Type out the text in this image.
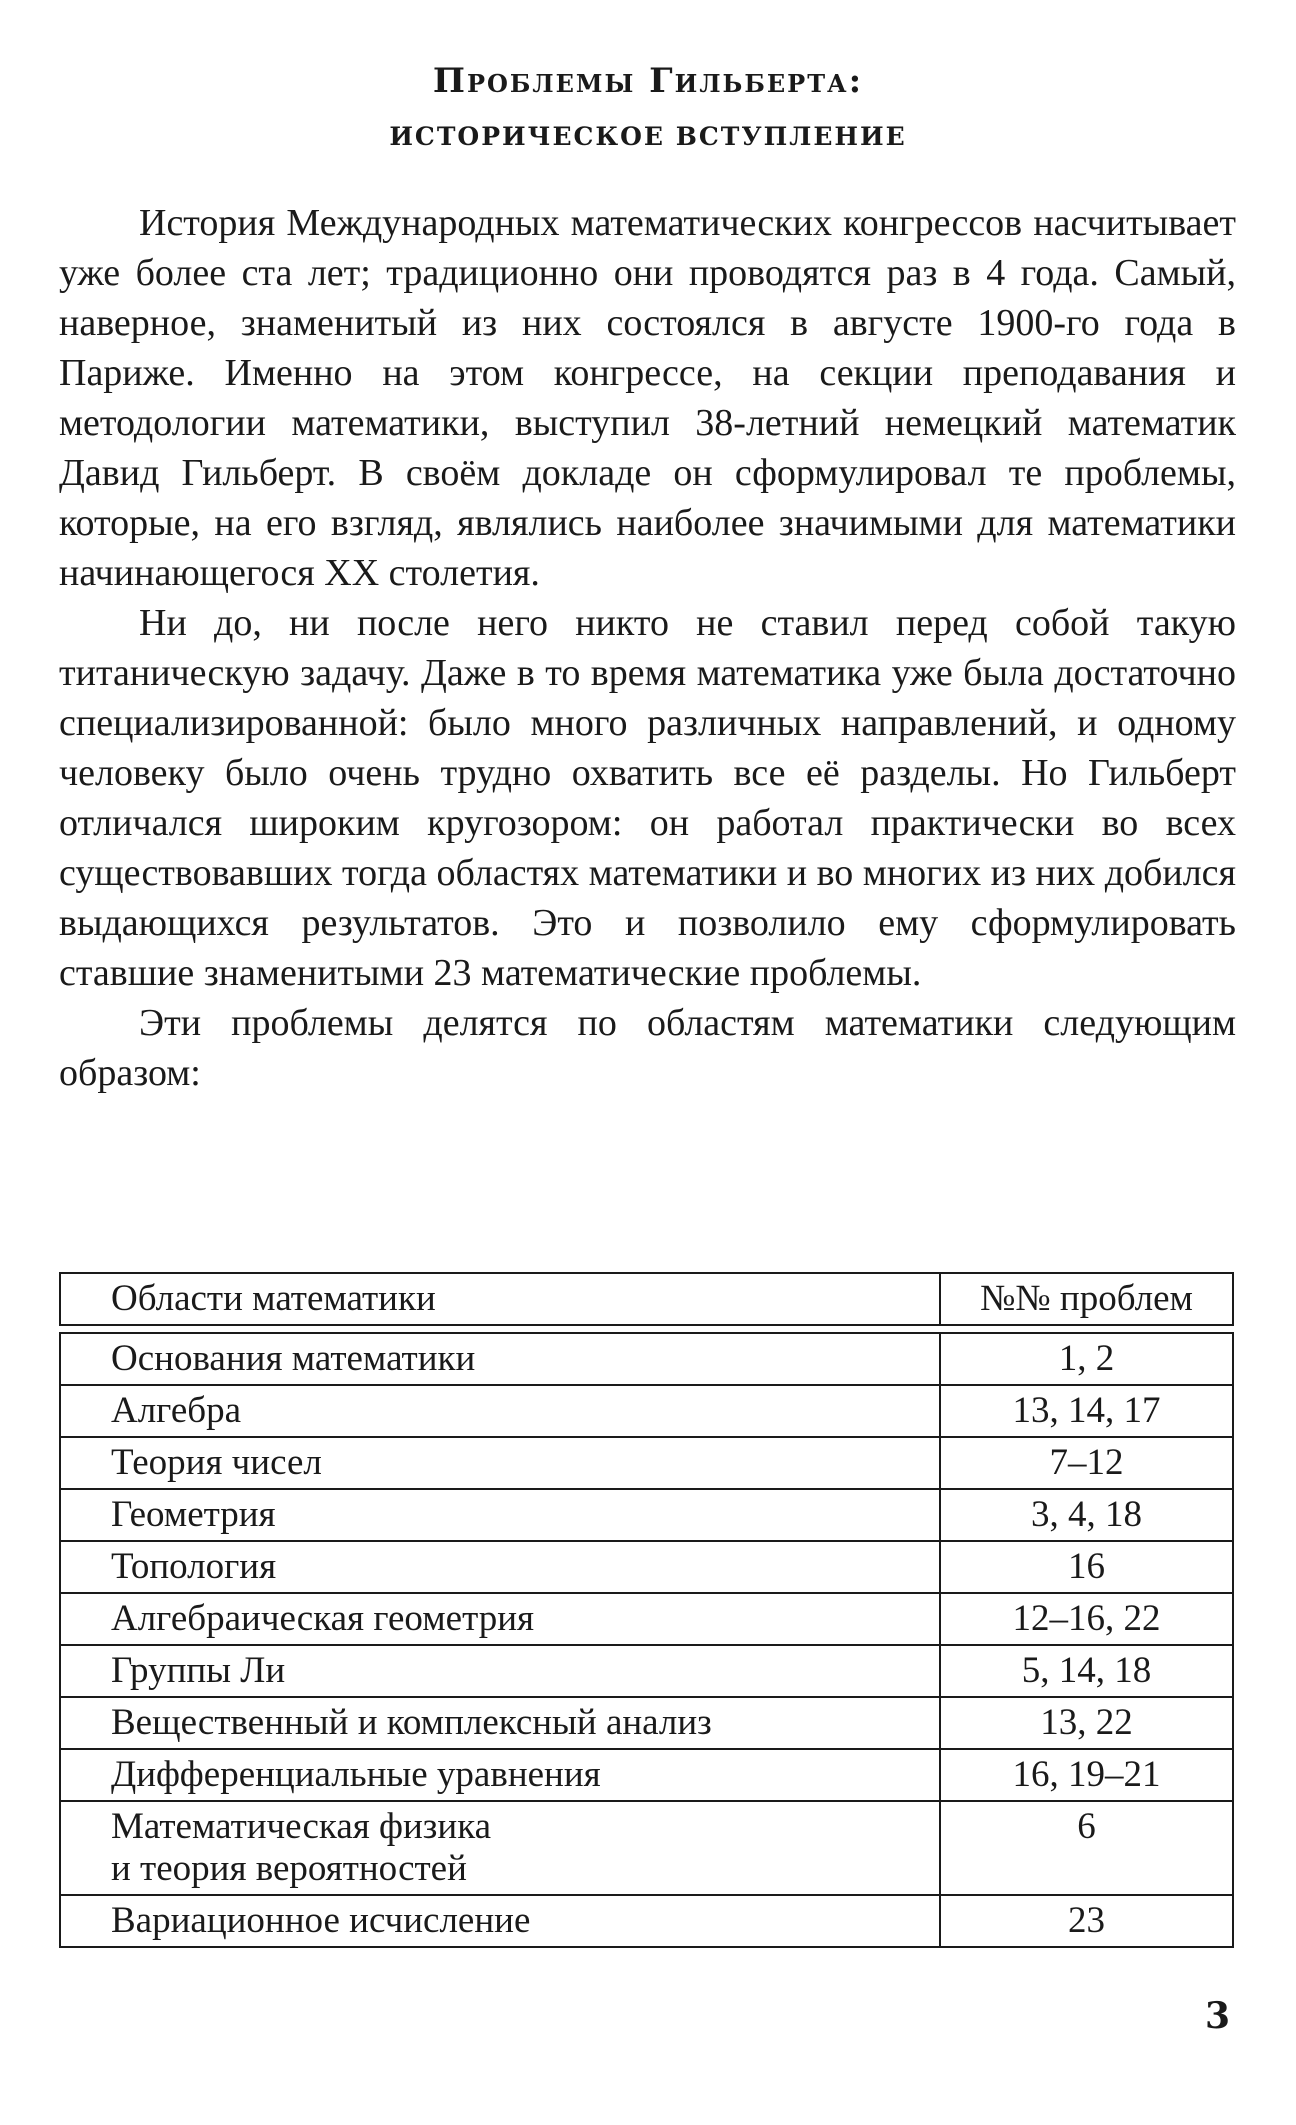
Проблемы Гильберта:
ИСТОРИЧЕСКОЕ ВСТУПЛЕНИЕ

История Международных математических конгрессов насчитывает уже более ста лет; традиционно они проводятся раз в 4 года. Самый, наверное, знаменитый из них состоялся в августе 1900-го года в Париже. Именно на этом конгрессе, на секции преподавания и методологии математики, выступил 38-летний немецкий математик Давид Гильберт. В своём докладе он сформулировал те проблемы, которые, на его взгляд, являлись наиболее значимыми для математики начинающегося XX столетия.

Ни до, ни после него никто не ставил перед собой такую титаническую задачу. Даже в то время математика уже была достаточно специализированной: было много различных направлений, и одному человеку было очень трудно охватить все её разделы. Но Гильберт отличался широким кругозором: он работал практически во всех существовавших тогда областях математики и во многих из них добился выдающихся результатов. Это и позволило ему сформулировать ставшие знаменитыми 23 математические проблемы.

Эти проблемы делятся по областям математики следующим образом:

Области математики	№№ проблем

Основания математики	1, 2
Алгебра	13, 14, 17
Теория чисел	7–12
Геометрия	3, 4, 18
Топология	16
Алгебраическая геометрия	12–16, 22
Группы Ли	5, 14, 18
Вещественный и комплексный анализ	13, 22
Дифференциальные уравнения	16, 19–21

Математическая физика
и теория вероятностей	6
Вариационное исчисление	23
3
